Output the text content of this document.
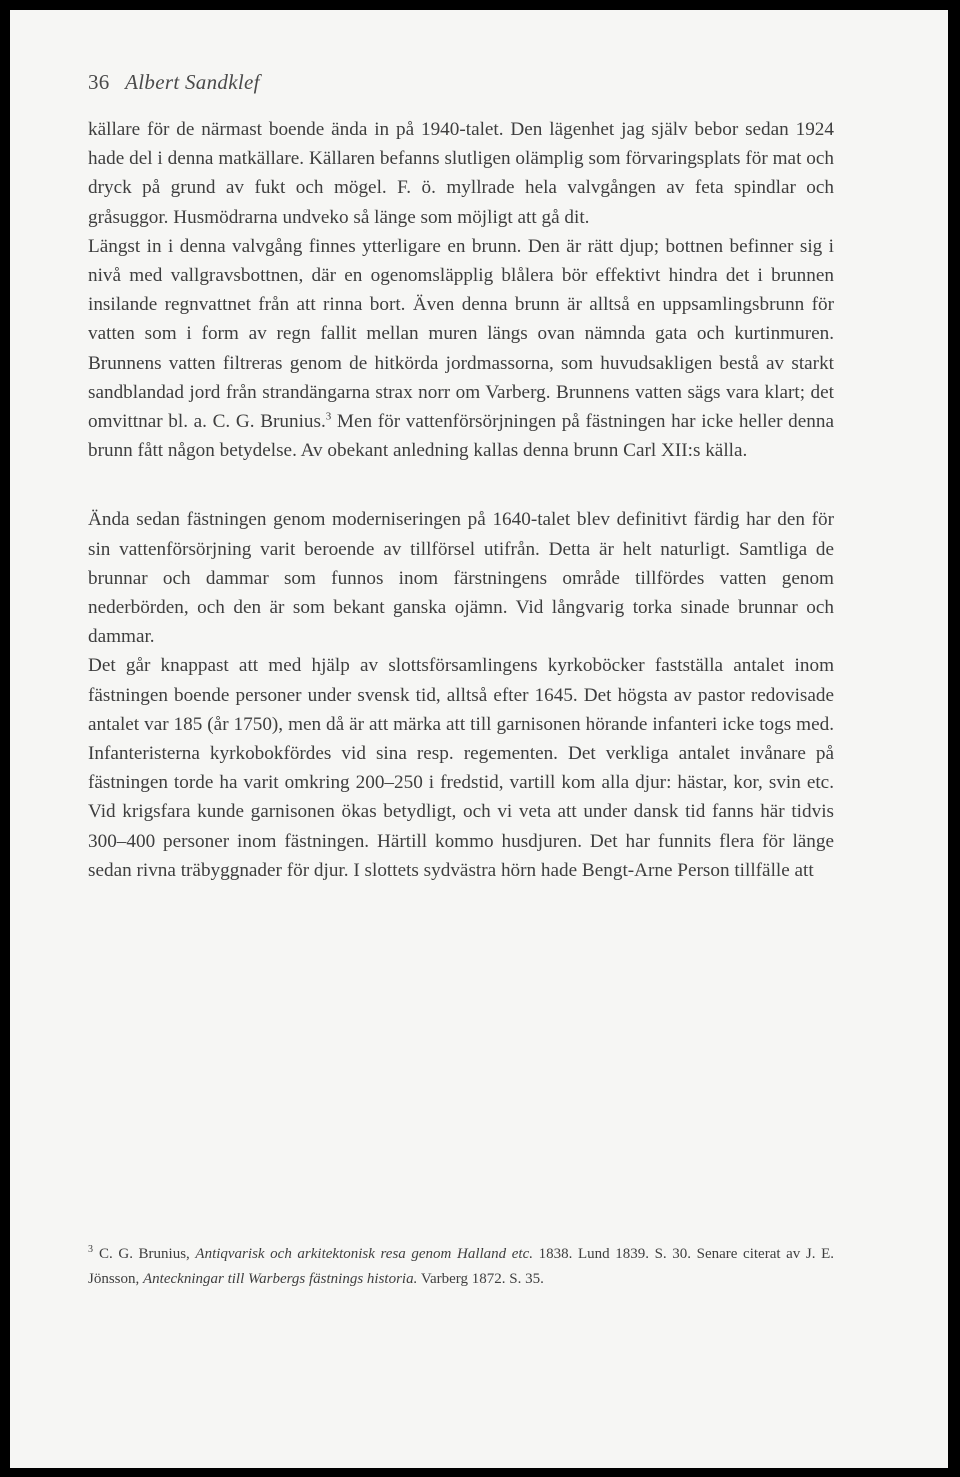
36 Albert Sandklef

källare för de närmast boende ända in på 1940-talet. Den lägenhet jag själv bebor sedan 1924 hade del i denna matkällare. Källaren befanns slutligen olämplig som förvaringsplats för mat och dryck på grund av fukt och mögel. F. ö. myllrade hela valvgången av feta spindlar och gråsuggor. Husmödrarna undveko så länge som möjligt att gå dit.

Längst in i denna valvgång finnes ytterligare en brunn. Den är rätt djup; bottnen befinner sig i nivå med vallgravsbottnen, där en ogenomsläpplig blålera bör effektivt hindra det i brunnen insilande regnvattnet från att rinna bort. Även denna brunn är alltså en uppsamlingsbrunn för vatten som i form av regn fallit mellan muren längs ovan nämnda gata och kurtinmuren. Brunnens vatten filtreras genom de hitkörda jordmassorna, som huvudsakligen bestå av starkt sandblandad jord från strandängarna strax norr om Varberg. Brunnens vatten sägs vara klart; det omvittnar bl. a. C. G. Brunius.$^3$ Men för vattenförsörjningen på fästningen har icke heller denna brunn fått någon betydelse. Av obekant anledning kallas denna brunn Carl XII:s källa.

Ända sedan fästningen genom moderniseringen på 1640-talet blev definitivt färdig har den för sin vattenförsörjning varit beroende av tillförsel utifrån. Detta är helt naturligt. Samtliga de brunnar och dammar som funnos inom färstningens område tillfördes vatten genom nederbörden, och den är som bekant ganska ojämn. Vid långvarig torka sinade brunnar och dammar.

Det går knappast att med hjälp av slottsförsamlingens kyrkoböcker fastställa antalet inom fästningen boende personer under svensk tid, alltså efter 1645. Det högsta av pastor redovisade antalet var 185 (år 1750), men då är att märka att till garnisonen hörande infanteri icke togs med. Infanteristerna kyrkobokfördes vid sina resp. regementen. Det verkliga antalet invånare på fästningen torde ha varit omkring 200–250 i fredstid, vartill kom alla djur: hästar, kor, svin etc. Vid krigsfara kunde garnisonen ökas betydligt, och vi veta att under dansk tid fanns här tidvis 300–400 personer inom fästningen. Härtill kommo husdjuren. Det har funnits flera för länge sedan rivna träbyggnader för djur. I slottets sydvästra hörn hade Bengt-Arne Person tillfälle att

$^3$ C. G. Brunius, Antiqvarisk och arkitektonisk resa genom Halland etc. 1838. Lund 1839. S. 30. Senare citerat av J. E. Jönsson, Anteckningar till Warbergs fästnings historia. Varberg 1872. S. 35.
